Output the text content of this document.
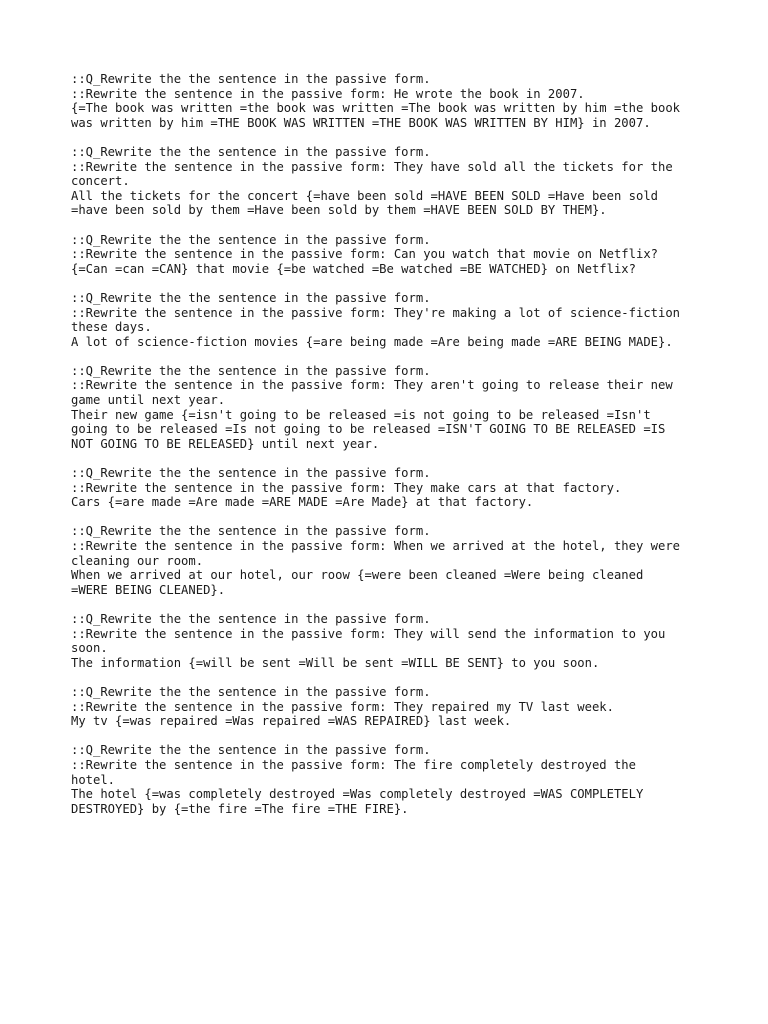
::Q_Rewrite the the sentence in the passive form.
::Rewrite the sentence in the passive form: He wrote the book in 2007.
{=The book was written =the book was written =The book was written by him =the book
was written by him =THE BOOK WAS WRITTEN =THE BOOK WAS WRITTEN BY HIM} in 2007.
::Q_Rewrite the the sentence in the passive form.
::Rewrite the sentence in the passive form: They have sold all the tickets for the
concert.
All the tickets for the concert {=have been sold =HAVE BEEN SOLD =Have been sold
=have been sold by them =Have been sold by them =HAVE BEEN SOLD BY THEM}.
::Q_Rewrite the the sentence in the passive form.
::Rewrite the sentence in the passive form: Can you watch that movie on Netflix?
{=Can =can =CAN} that movie {=be watched =Be watched =BE WATCHED} on Netflix?
::Q_Rewrite the the sentence in the passive form.
::Rewrite the sentence in the passive form: They're making a lot of science-fiction
these days.
A lot of science-fiction movies {=are being made =Are being made =ARE BEING MADE}.
::Q_Rewrite the the sentence in the passive form.
::Rewrite the sentence in the passive form: They aren't going to release their new
game until next year.
Their new game {=isn't going to be released =is not going to be released =Isn't
going to be released =Is not going to be released =ISN'T GOING TO BE RELEASED =IS
NOT GOING TO BE RELEASED} until next year.
::Q_Rewrite the the sentence in the passive form.
::Rewrite the sentence in the passive form: They make cars at that factory.
Cars {=are made =Are made =ARE MADE =Are Made} at that factory.
::Q_Rewrite the the sentence in the passive form.
::Rewrite the sentence in the passive form: When we arrived at the hotel, they were
cleaning our room.
When we arrived at our hotel, our roow {=were been cleaned =Were being cleaned
=WERE BEING CLEANED}.
::Q_Rewrite the the sentence in the passive form.
::Rewrite the sentence in the passive form: They will send the information to you
soon.
The information {=will be sent =Will be sent =WILL BE SENT} to you soon.
::Q_Rewrite the the sentence in the passive form.
::Rewrite the sentence in the passive form: They repaired my TV last week.
My tv {=was repaired =Was repaired =WAS REPAIRED} last week.
::Q_Rewrite the the sentence in the passive form.
::Rewrite the sentence in the passive form: The fire completely destroyed the
hotel.
The hotel {=was completely destroyed =Was completely destroyed =WAS COMPLETELY
DESTROYED} by {=the fire =The fire =THE FIRE}.
